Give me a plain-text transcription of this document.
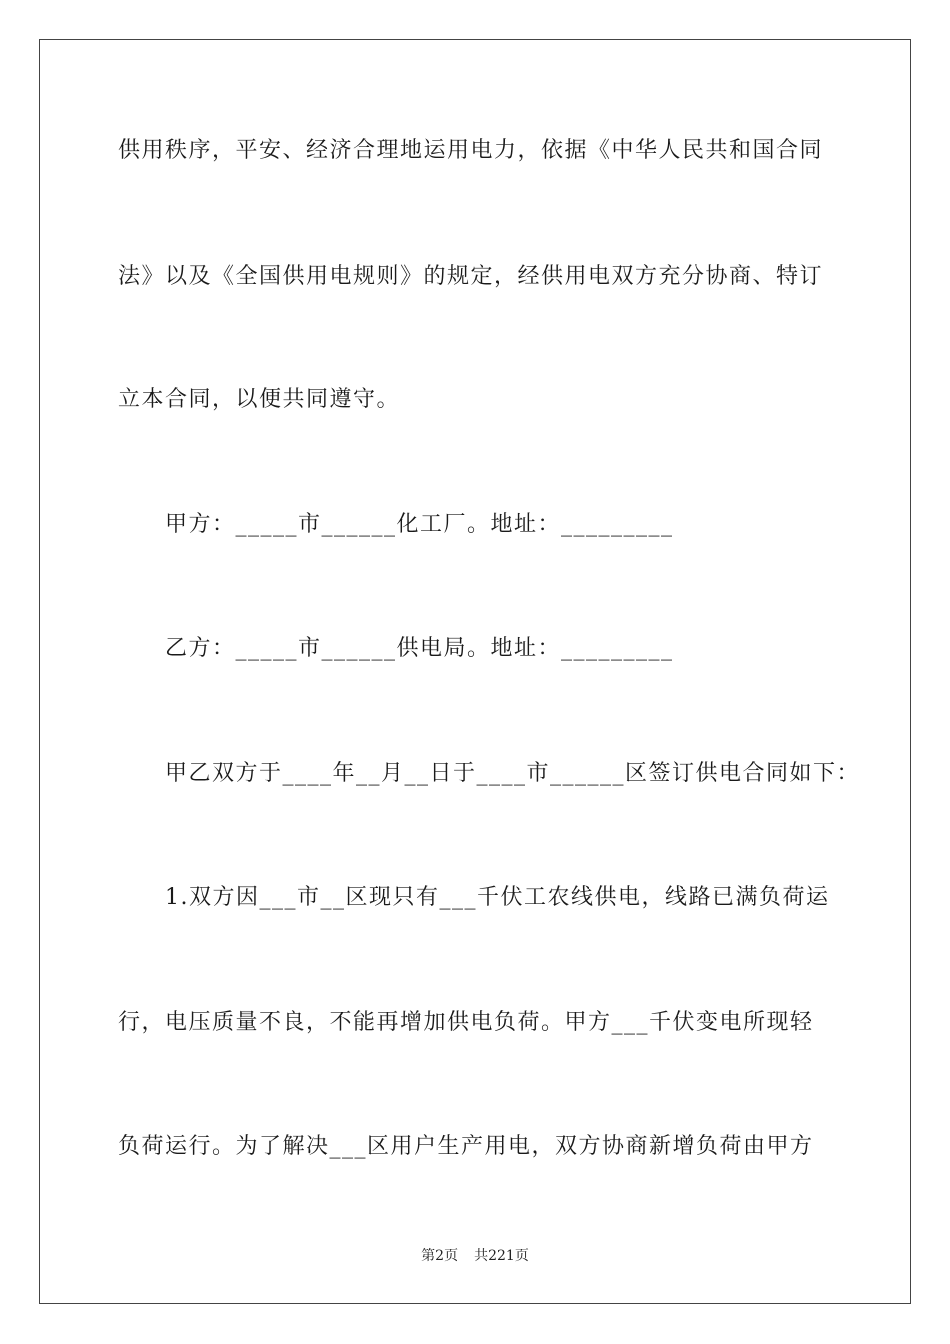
供用秩序，平安、经济合理地运用电力，依据《中华人民共和国合同
法》以及《全国供用电规则》的规定，经供用电双方充分协商、特订
立本合同，以便共同遵守。
甲方：_____市______化工厂。地址：_________
乙方：_____市______供电局。地址：_________
甲乙双方于____年__月__日于____市______区签订供电合同如下：
1.双方因___市__区现只有___千伏工农线供电，线路已满负荷运
行，电压质量不良，不能再增加供电负荷。甲方___千伏变电所现轻
负荷运行。为了解决___区用户生产用电，双方协商新增负荷由甲方
第2页 共221页
